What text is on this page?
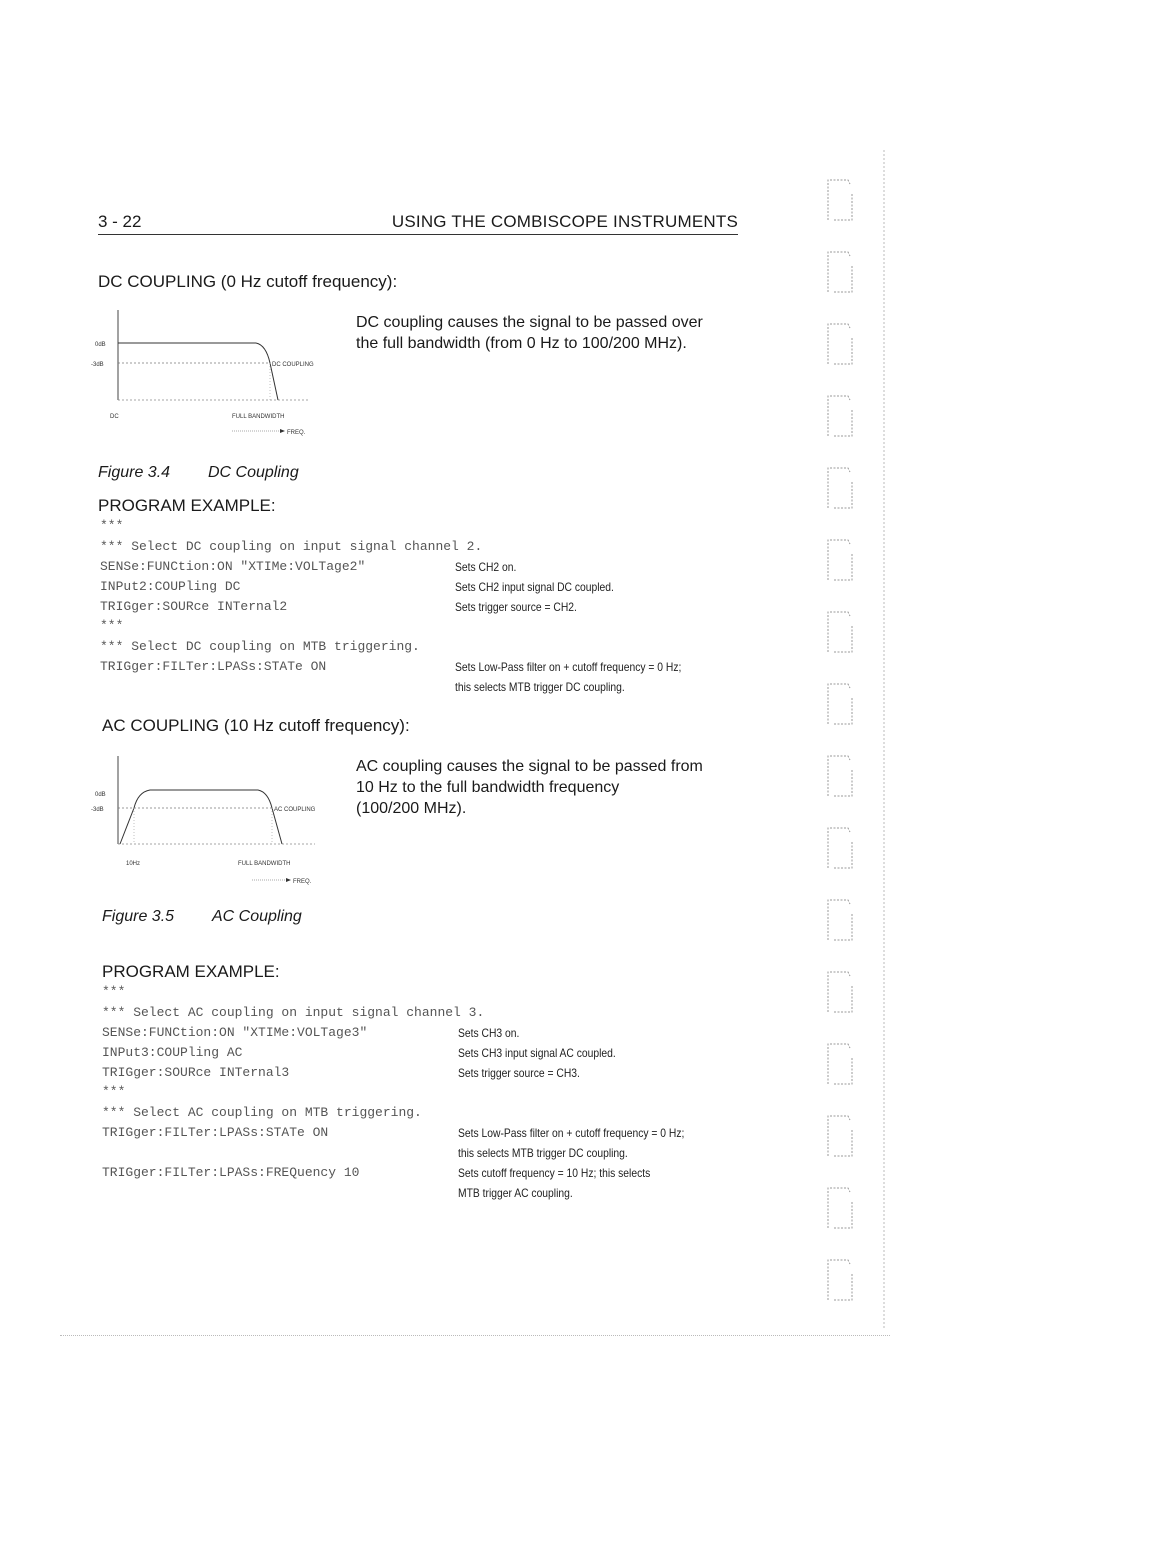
3 - 22	USING THE COMBISCOPE INSTRUMENTS
DC COUPLING (0 Hz cutoff frequency):
0dB
-3dB	DC COUPLING
DC	FULL BANDWIDTH
FREQ.
DC coupling causes the signal to be passed over
the full bandwidth (from 0 Hz to 100/200 MHz).
Figure 3.4 DC Coupling
PROGRAM EXAMPLE:
***
*** Select DC coupling on input signal channel 2.
SENSe:FUNCtion:ON "XTIMe:VOLTage2"	Sets CH2 on.
INPut2:COUPling DC	Sets CH2 input signal DC coupled.
TRIGger:SOURce INTernal2	Sets trigger source = CH2.
***
*** Select DC coupling on MTB triggering.
TRIGger:FILTer:LPASs:STATe ON	Sets Low-Pass filter on + cutoff frequency = 0 Hz;
this selects MTB trigger DC coupling.
AC COUPLING (10 Hz cutoff frequency):
0dB
-3dB	AC COUPLING
10Hz	FULL BANDWIDTH
FREQ.
AC coupling causes the signal to be passed from
10 Hz to the full bandwidth frequency
(100/200 MHz).
Figure 3.5 AC Coupling
PROGRAM EXAMPLE:
***
*** Select AC coupling on input signal channel 3.
SENSe:FUNCtion:ON "XTIMe:VOLTage3"	Sets CH3 on.
INPut3:COUPling AC	Sets CH3 input signal AC coupled.
TRIGger:SOURce INTernal3	Sets trigger source = CH3.
***
*** Select AC coupling on MTB triggering.
TRIGger:FILTer:LPASs:STATe ON	Sets Low-Pass filter on + cutoff frequency = 0 Hz;
this selects MTB trigger DC coupling.
TRIGger:FILTer:LPASs:FREQuency 10	Sets cutoff frequency = 10 Hz; this selects
MTB trigger AC coupling.
